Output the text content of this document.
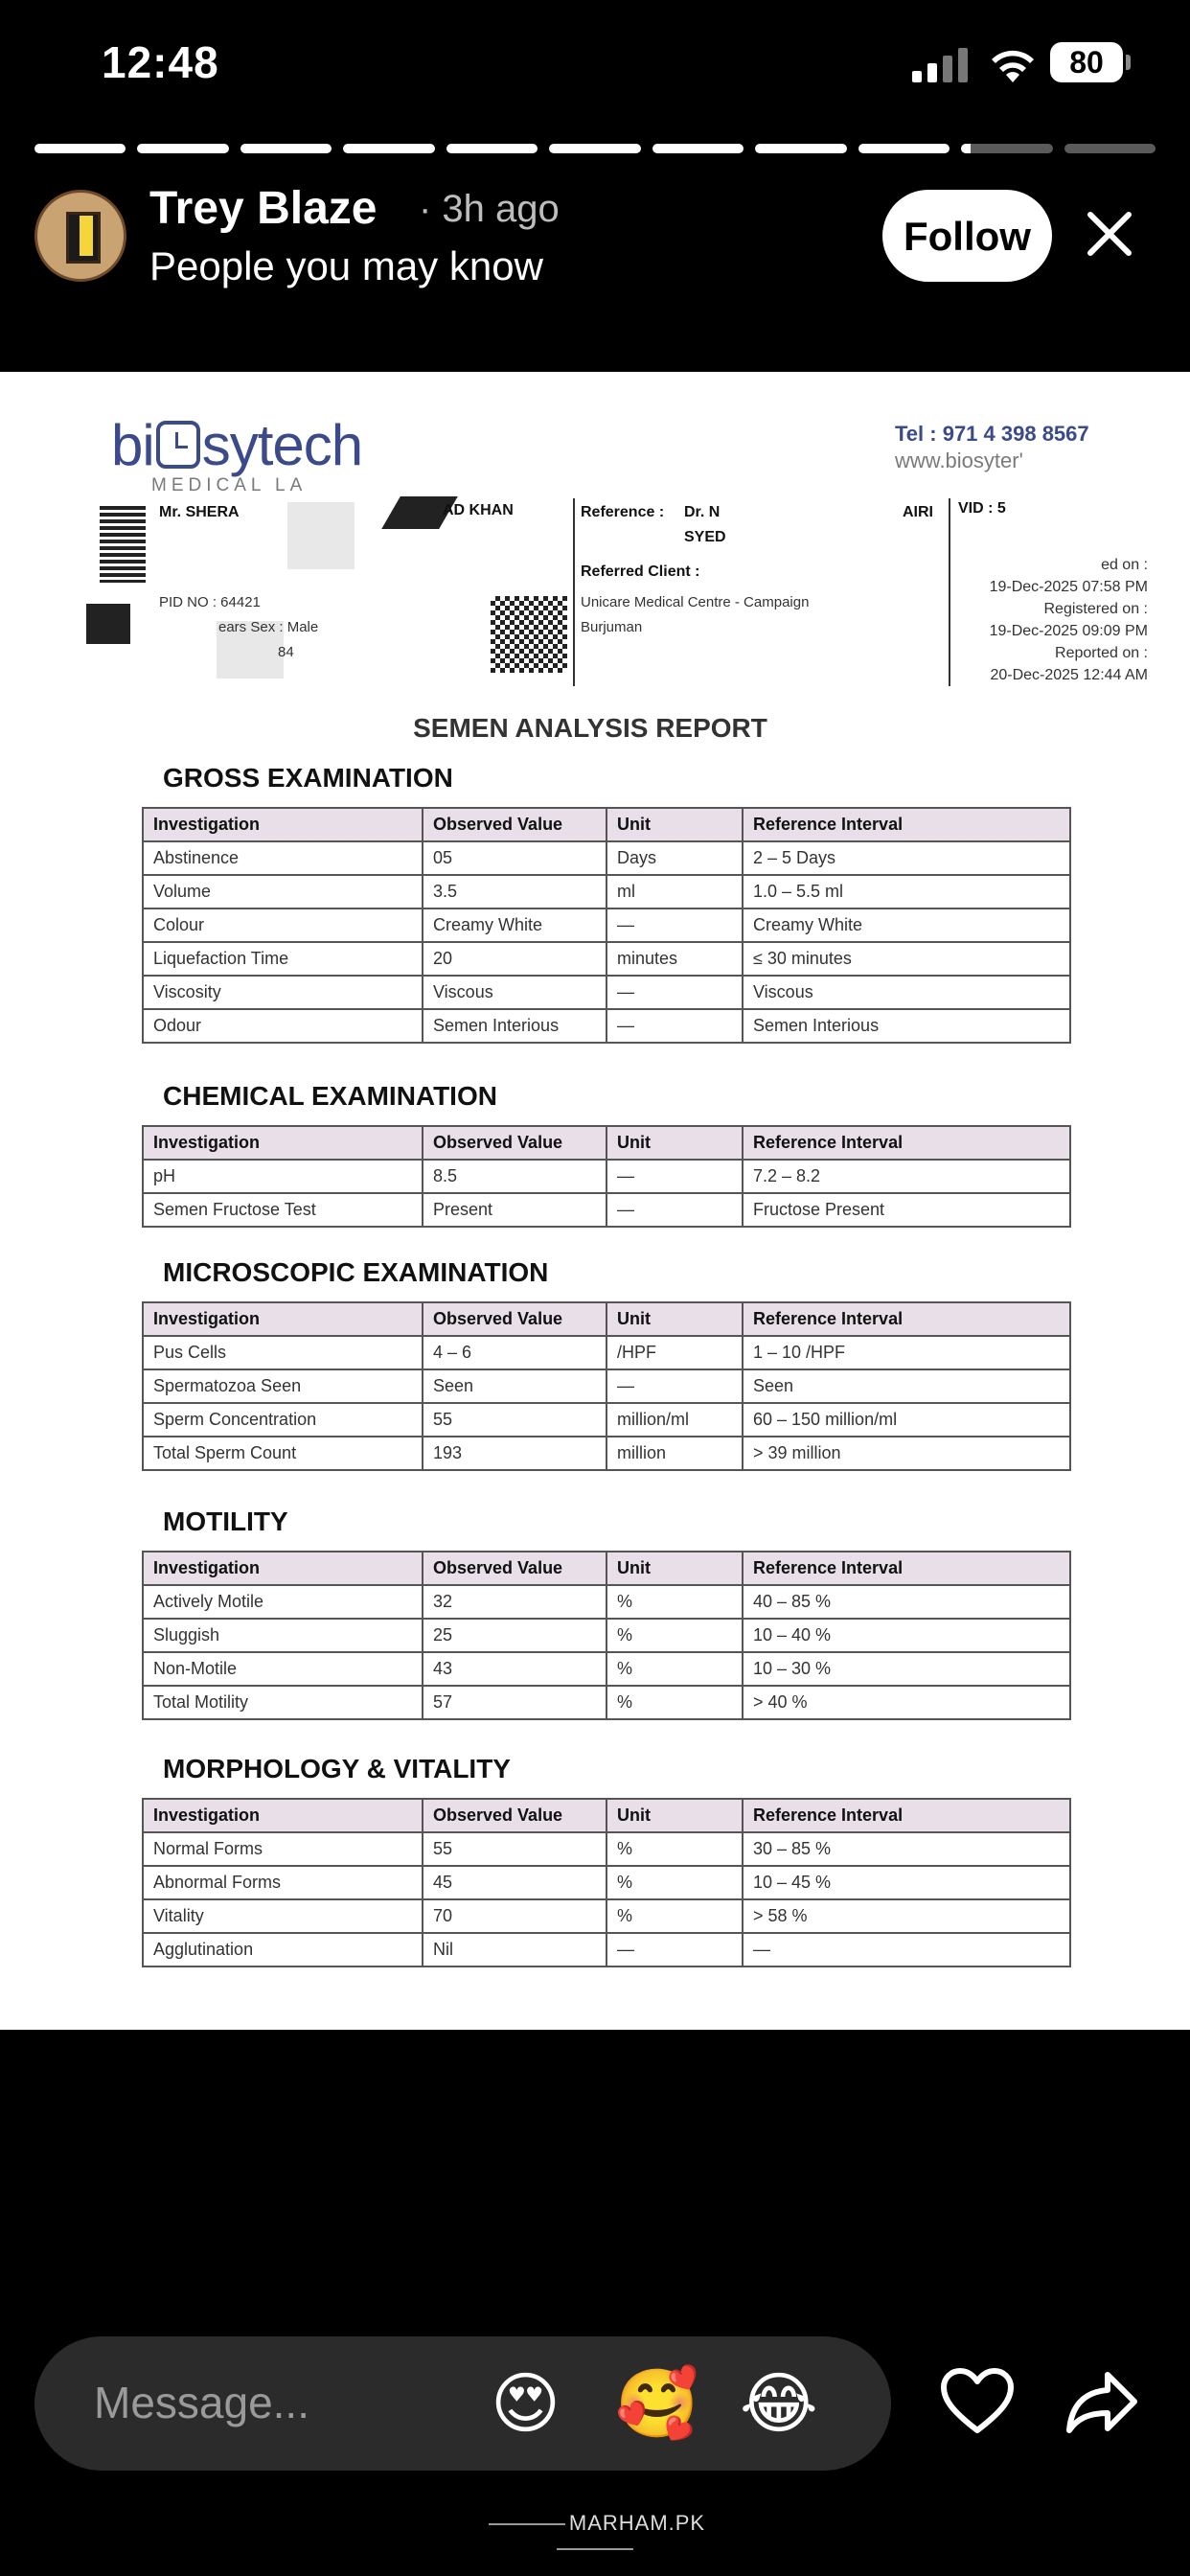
12:48	80
Trey Blaze · 3h ago
People you may know
Follow
bi sytech
MEDICAL LA
Tel : 971 4 398 8567
www.biosyter'
Mr. SHERA	AD KHAN
PID NO : 64421
ears Sex : Male
84
Reference : Dr. N
SYED
AIRI VID : 5
Referred Client :
Unicare Medical Centre - Campaign Burjuman
ed on :
19-Dec-2025 07:58 PM
Registered on :
19-Dec-2025 09:09 PM
Reported on :
20-Dec-2025 12:44 AM
SEMEN ANALYSIS REPORT
GROSS EXAMINATION
Investigation	Observed Value	Unit	Reference Interval
Abstinence	05	Days	2 – 5 Days
Volume	3.5	ml	1.0 – 5.5 ml
Colour	Creamy White	—	Creamy White
Liquefaction Time	20	minutes	≤ 30 minutes
Viscosity	Viscous	—	Viscous
Odour	Semen Interious	—	Semen Interious
CHEMICAL EXAMINATION
Investigation	Observed Value	Unit	Reference Interval
pH	8.5	—	7.2 – 8.2
Semen Fructose Test	Present	—	Fructose Present
MICROSCOPIC EXAMINATION
Investigation	Observed Value	Unit	Reference Interval
Pus Cells	4 – 6	/HPF	1 – 10 /HPF
Spermatozoa Seen	Seen	—	Seen
Sperm Concentration	55	million/ml	60 – 150 million/ml
Total Sperm Count	193	million	> 39 million
MOTILITY
Investigation	Observed Value	Unit	Reference Interval
Actively Motile	32	%	40 – 85 %
Sluggish	25	%	10 – 40 %
Non-Motile	43	%	10 – 30 %
Total Motility	57	%	> 40 %
MORPHOLOGY & VITALITY
Investigation	Observed Value	Unit	Reference Interval
Normal Forms	55	%	30 – 85 %
Abnormal Forms	45	%	10 – 45 %
Vitality	70	%	> 58 %
Agglutination	Nil	—	—
Message...	😍 🥰 😂
MARHAM.PK
